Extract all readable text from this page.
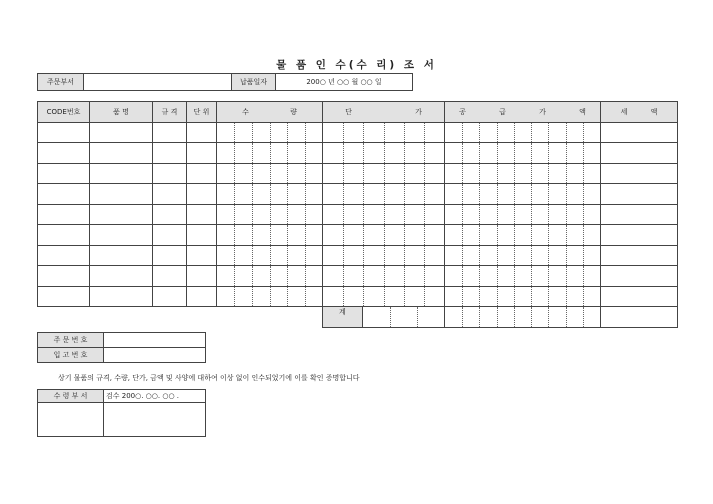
물 품 인 수(수 리) 조 서
주문부서		납품일자	200○ 년 ○○ 월 ○○ 일
CODE번호	품 명	규 격	단 위	수 량	단 가	공 급 가 액	세 액

					계		

주 문 번 호	
입 고 번 호	
상기 물품의 규격, 수량, 단가, 금액 및 사양에 대하여 이상 없이 인수되었기에 이를 확인 증명합니다
수 령 부 서	검수 200○. ○○. ○○ .
